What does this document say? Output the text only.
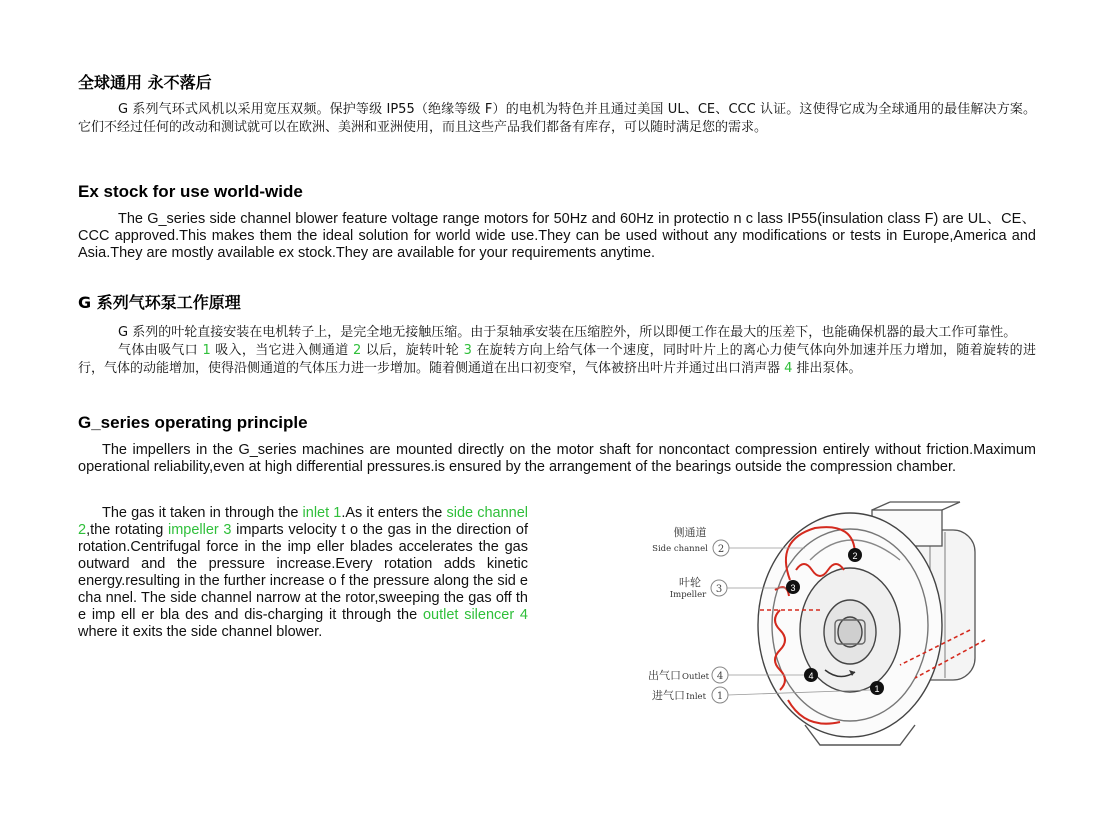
全球通用 永不落后

G 系列气环式风机以采用宽压双频。保护等级 IP55（绝缘等级 F）的电机为特色并且通过美国 UL、CE、CCC 认证。这使得它成为全球通用的最佳解决方案。它们不经过任何的改动和测试就可以在欧洲、美洲和亚洲使用，而且这些产品我们都备有库存，可以随时满足您的需求。

Ex stock for use world-wide

The G_series side channel blower feature voltage range motors for 50Hz and 60Hz in protectio n c lass IP55(insulation class F) are UL、CE、CCC approved.This makes them the ideal solution for world wide use.They can be used without any modifications or tests in Europe,America and Asia.They are mostly available ex stock.They are available for your requirements anytime.

G 系列气环泵工作原理

G 系列的叶轮直接安装在电机转子上，是完全地无接触压缩。由于泵轴承安装在压缩腔外，所以即便工作在最大的压差下，也能确保机器的最大工作可靠性。

气体由吸气口 1 吸入，当它进入侧通道 2 以后，旋转叶轮 3 在旋转方向上给气体一个速度，同时叶片上的离心力使气体向外加速并压力增加，随着旋转的进行，气体的动能增加，使得沿侧通道的气体压力进一步增加。随着侧通道在出口初变窄，气体被挤出叶片并通过出口消声器 4 排出泵体。

G_series operating principle

The impellers in the G_series machines are mounted directly on the motor shaft for noncontact compression entirely without friction.Maximum operational reliability,even at high differential pressures.is ensured by the arrangement of the bearings outside the compression chamber.

The gas it taken in through the inlet 1.As it enters the side channel 2,the rotating impeller 3 imparts velocity t o the gas in the direction of rotation.Centrifugal force in the imp eller blades accelerates the gas outward and the pressure increase.Every rotation adds kinetic energy.resulting in the further increase o f the pressure along the sid e cha nnel. The side channel narrow at the rotor,sweeping the gas off th e imp ell er bla des and dis-charging it through the outlet silencer 4 where it exits the side channel blower.

2
3
4
1
侧通道
Side channel 2
叶轮
Impeller 3
出气口 Outlet 4
进气口 Inlet 1
